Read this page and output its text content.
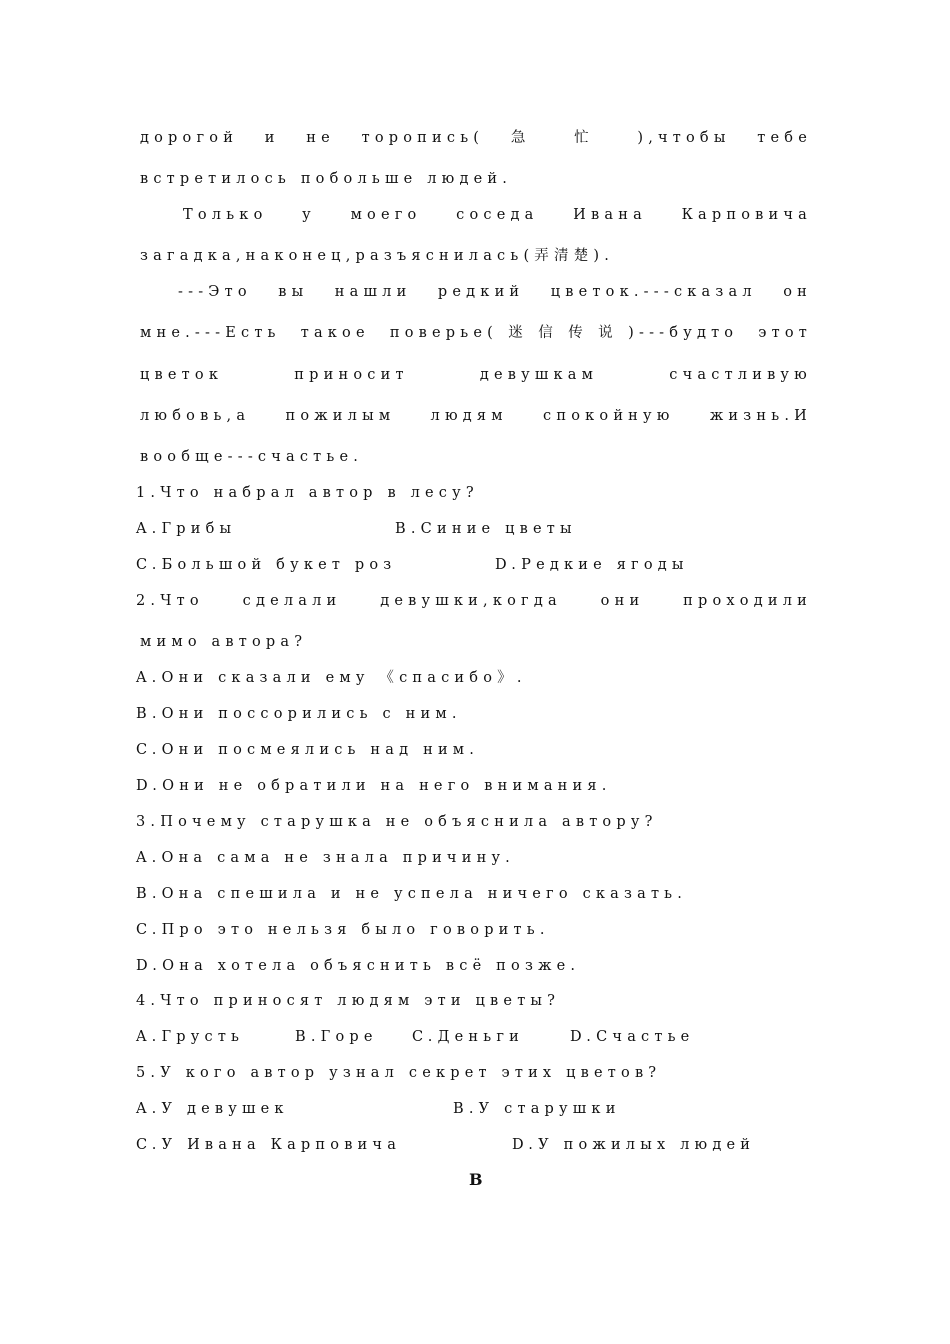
дорогой и не торопись( 急 忙 ),чтобы тебе
встретилось побольше людей.
Только у моего соседа Ивана Карповича
загадка,наконец,разъяснилась(弄清楚).
---Это вы нашли редкий цветок.---сказал он
мне.---Есть такое поверье(迷信传说)---будто этот
цветок приносит девушкам счастливую
любовь,а пожилым людям спокойную жизнь.И
вообще---счастье.
1.Что набрал автор в лесу?
A.Грибы	B.Синие цветы
C.Большой букет роз	D.Редкие ягоды
2.Что сделали девушки,когда они проходили
мимо автора?
A.Они сказали ему 《спасибо》.
B.Они поссорились с ним.
C.Они посмеялись над ним.
D.Они не обратили на него внимания.
3.Почему старушка не объяснила автору?
A.Она сама не знала причину.
B.Она спешила и не успела ничего сказать.
C.Про это нельзя было говорить.
D.Она хотела объяснить всё позже.
4.Что приносят людям эти цветы?
A.Грусть	B.Горе C.Деньги	D.Счастье
5.У кого автор узнал секрет этих цветов?
A.У девушек	B.У старушки
C.У Ивана Карповича	D.У пожилых людей
B
